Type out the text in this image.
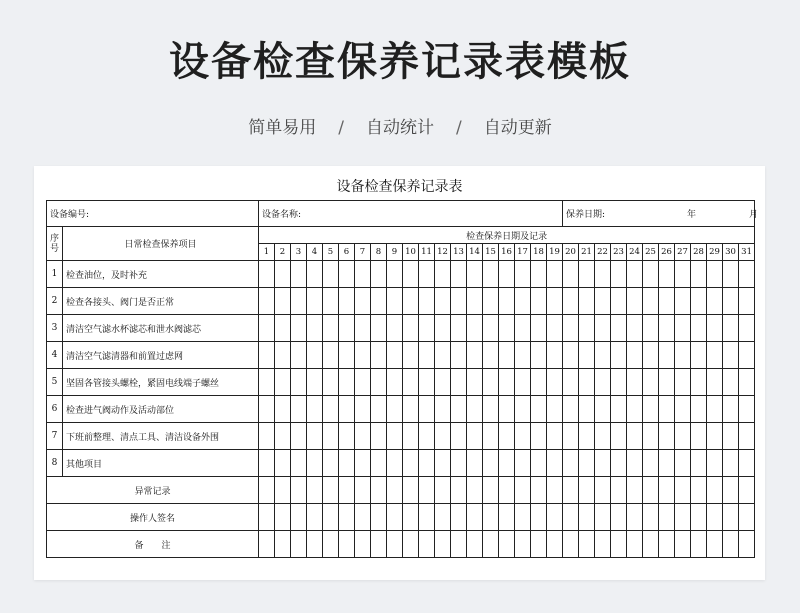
设备检查保养记录表模板
简单易用 / 自动统计 / 自动更新
设备检查保养记录表
设备编号:		设备名称:																			保养日期: 年 月											

序号	日常检查保养项目	检查保养日期及记录																														
		1	2	3	4	5	6	7	8	9	10	11	12	13	14	15	16	17	18	19	20	21	22	23	24	25	26	27	28	29	30	31
1	检查油位，及时补充																															
2	检查各接头、阀门是否正常																															
3	清洁空气滤水杯滤芯和泄水阀滤芯																															
4	清洁空气滤清器和前置过虑网																															
5	坚固各管接头螺栓，紧固电线端子螺丝																															
6	检查进气阀动作及活动部位																															
7	下班前整理、清点工具、清洁设备外围																															
8	其他项目																															
异常记录																																
操作人签名																																
备　　注																																
